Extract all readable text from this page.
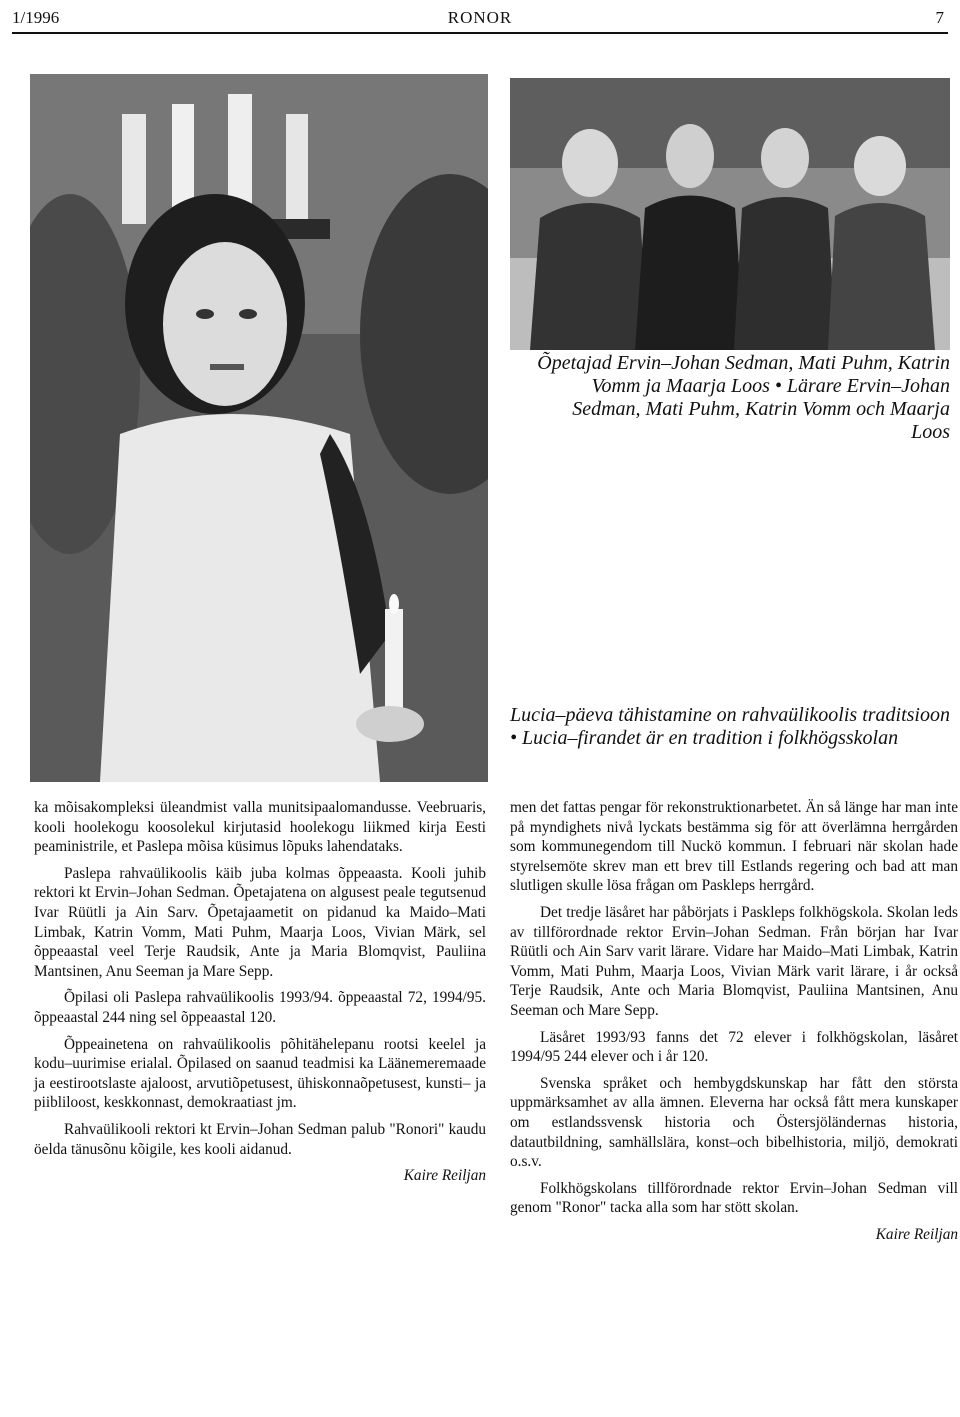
1/1996	RONOR	7
Õpetajad Ervin–Johan Sedman, Mati Puhm, Katrin Vomm ja Maarja Loos • Lärare Ervin–Johan Sedman, Mati Puhm, Katrin Vomm och Maarja Loos
Lucia–päeva tähistamine on rahvaülikoolis traditsioon • Lucia–firandet är en tradition i folkhögsskolan

ka mõisakompleksi üleandmist valla munitsipaalomandusse. Veebruaris, kooli hoolekogu koosolekul kirjutasid hoolekogu liikmed kirja Eesti peaministrile, et Paslepa mõisa küsimus lõpuks lahendataks.

Paslepa rahvaülikoolis käib juba kolmas õppeaasta. Kooli juhib rektori kt Ervin–Johan Sedman. Õpetajatena on algusest peale tegutsenud Ivar Rüütli ja Ain Sarv. Õpetajaametit on pidanud ka Maido–Mati Limbak, Katrin Vomm, Mati Puhm, Maarja Loos, Vivian Märk, sel õppeaastal veel Terje Raudsik, Ante ja Maria Blomqvist, Pauliina Mantsinen, Anu Seeman ja Mare Sepp.

Õpilasi oli Paslepa rahvaülikoolis 1993/94. õppeaastal 72, 1994/95. õppeaastal 244 ning sel õppeaastal 120.

Õppeainetena on rahvaülikoolis põhitähelepanu rootsi keelel ja kodu–uurimise erialal. Õpilased on saanud teadmisi ka Läänemeremaade ja eestirootslaste ajaloost, arvutiõpetusest, ühiskonnaõpetusest, kunsti– ja piibliloost, keskkonnast, demokraatiast jm.

Rahvaülikooli rektori kt Ervin–Johan Sedman palub "Ronori" kaudu öelda tänusõnu kõigile, kes kooli aidanud.

Kaire Reiljan

men det fattas pengar för rekonstruktionarbetet. Än så länge har man inte på myndighets nivå lyckats bestämma sig för att överlämna herrgården som kommunegendom till Nuckö kommun. I februari när skolan hade styrelsemöte skrev man ett brev till Estlands regering och bad att man slutligen skulle lösa frågan om Paskleps herrgård.

Det tredje läsåret har påbörjats i Paskleps folkhögskola. Skolan leds av tillförordnade rektor Ervin–Johan Sedman. Från början har Ivar Rüütli och Ain Sarv varit lärare. Vidare har Maido–Mati Limbak, Katrin Vomm, Mati Puhm, Maarja Loos, Vivian Märk varit lärare, i år också Terje Raudsik, Ante och Maria Blomqvist, Pauliina Mantsinen, Anu Seeman och Mare Sepp.

Läsåret 1993/93 fanns det 72 elever i folkhögskolan, läsåret 1994/95 244 elever och i år 120.

Svenska språket och hembygdskunskap har fått den största uppmärksamhet av alla ämnen. Eleverna har också fått mera kunskaper om estlandssvensk historia och Östersjöländernas historia, datautbildning, samhällslära, konst–och bibelhistoria, miljö, demokrati o.s.v.

Folkhögskolans tillförordnade rektor Ervin–Johan Sedman vill genom "Ronor" tacka alla som har stött skolan.

Kaire Reiljan
